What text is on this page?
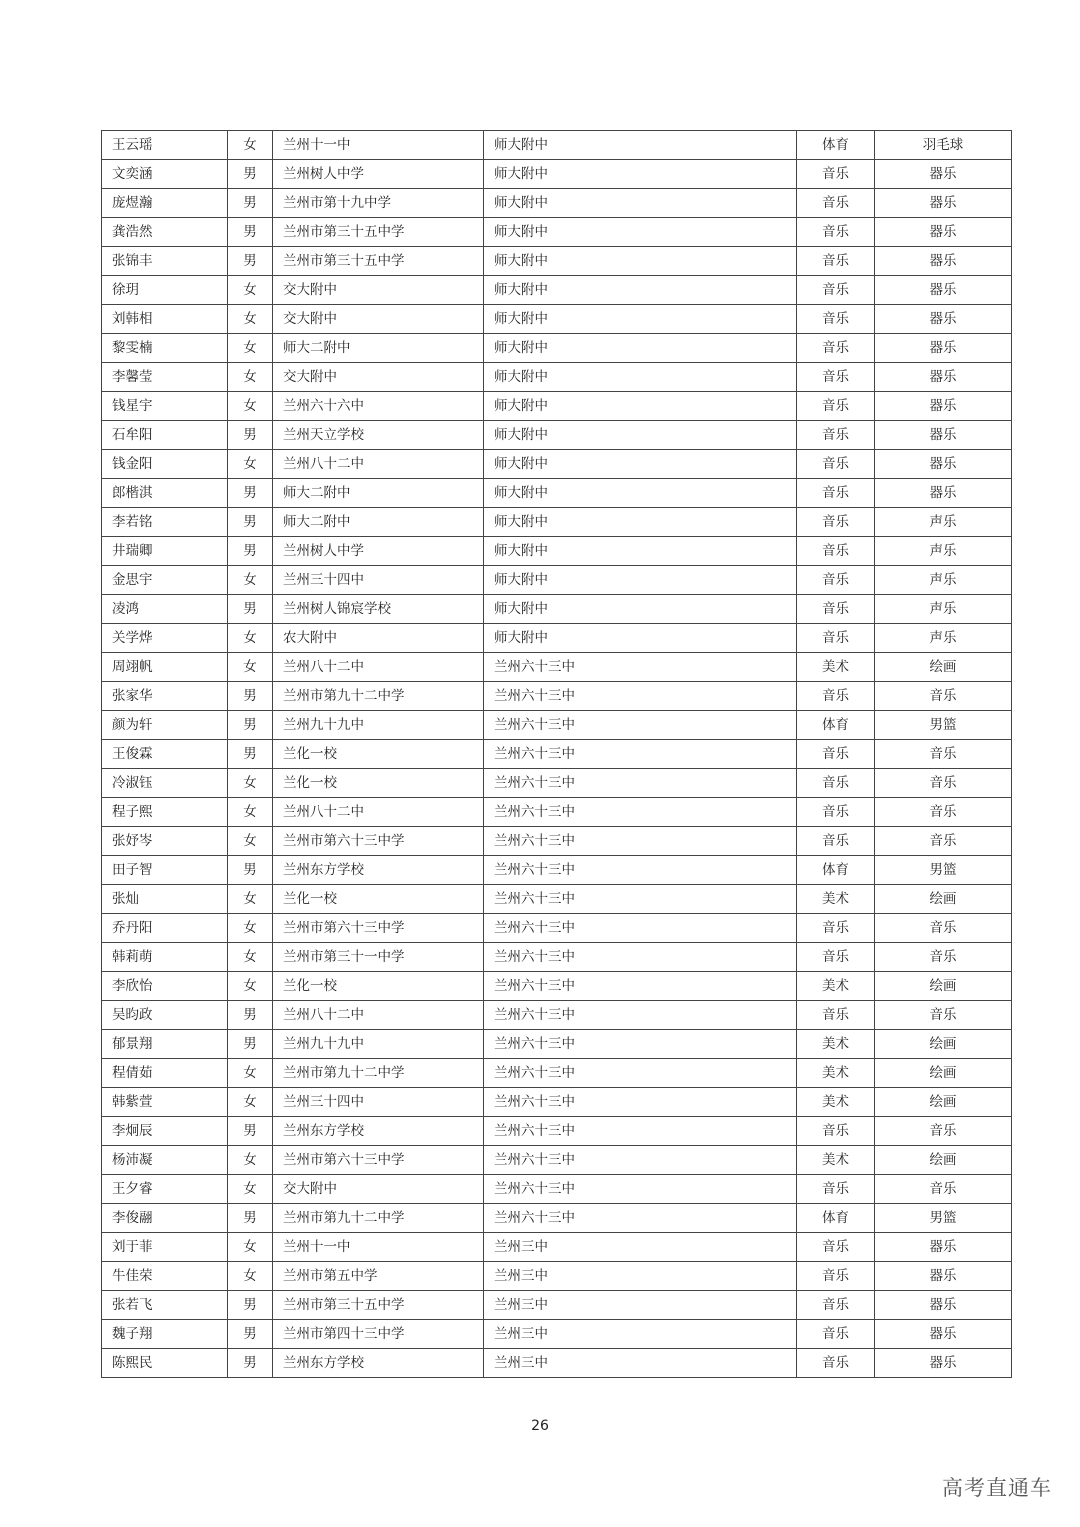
王云瑶	女	兰州十一中	师大附中	体育	羽毛球
文奕涵	男	兰州树人中学	师大附中	音乐	器乐
庞煜瀚	男	兰州市第十九中学	师大附中	音乐	器乐
龚浩然	男	兰州市第三十五中学	师大附中	音乐	器乐
张锦丰	男	兰州市第三十五中学	师大附中	音乐	器乐
徐玥	女	交大附中	师大附中	音乐	器乐
刘韩相	女	交大附中	师大附中	音乐	器乐
黎雯楠	女	师大二附中	师大附中	音乐	器乐
李馨莹	女	交大附中	师大附中	音乐	器乐
钱星宇	女	兰州六十六中	师大附中	音乐	器乐
石牟阳	男	兰州天立学校	师大附中	音乐	器乐
钱金阳	女	兰州八十二中	师大附中	音乐	器乐
郎楷淇	男	师大二附中	师大附中	音乐	器乐
李若铭	男	师大二附中	师大附中	音乐	声乐
井瑞卿	男	兰州树人中学	师大附中	音乐	声乐
金思宇	女	兰州三十四中	师大附中	音乐	声乐
凌鸿	男	兰州树人锦宸学校	师大附中	音乐	声乐
关学烨	女	农大附中	师大附中	音乐	声乐
周翊帆	女	兰州八十二中	兰州六十三中	美术	绘画
张家华	男	兰州市第九十二中学	兰州六十三中	音乐	音乐
颜为轩	男	兰州九十九中	兰州六十三中	体育	男篮
王俊霖	男	兰化一校	兰州六十三中	音乐	音乐
冷淑钰	女	兰化一校	兰州六十三中	音乐	音乐
程子熙	女	兰州八十二中	兰州六十三中	音乐	音乐
张妤岑	女	兰州市第六十三中学	兰州六十三中	音乐	音乐
田子智	男	兰州东方学校	兰州六十三中	体育	男篮
张灿	女	兰化一校	兰州六十三中	美术	绘画
乔丹阳	女	兰州市第六十三中学	兰州六十三中	音乐	音乐
韩莉萌	女	兰州市第三十一中学	兰州六十三中	音乐	音乐
李欣怡	女	兰化一校	兰州六十三中	美术	绘画
吴昀政	男	兰州八十二中	兰州六十三中	音乐	音乐
郁景翔	男	兰州九十九中	兰州六十三中	美术	绘画
程倩茹	女	兰州市第九十二中学	兰州六十三中	美术	绘画
韩紫萱	女	兰州三十四中	兰州六十三中	美术	绘画
李炯辰	男	兰州东方学校	兰州六十三中	音乐	音乐
杨沛凝	女	兰州市第六十三中学	兰州六十三中	美术	绘画
王夕睿	女	交大附中	兰州六十三中	音乐	音乐
李俊翮	男	兰州市第九十二中学	兰州六十三中	体育	男篮
刘于菲	女	兰州十一中	兰州三中	音乐	器乐
牛佳荣	女	兰州市第五中学	兰州三中	音乐	器乐
张若飞	男	兰州市第三十五中学	兰州三中	音乐	器乐
魏子翔	男	兰州市第四十三中学	兰州三中	音乐	器乐
陈熙民	男	兰州东方学校	兰州三中	音乐	器乐
26
高考直通车
